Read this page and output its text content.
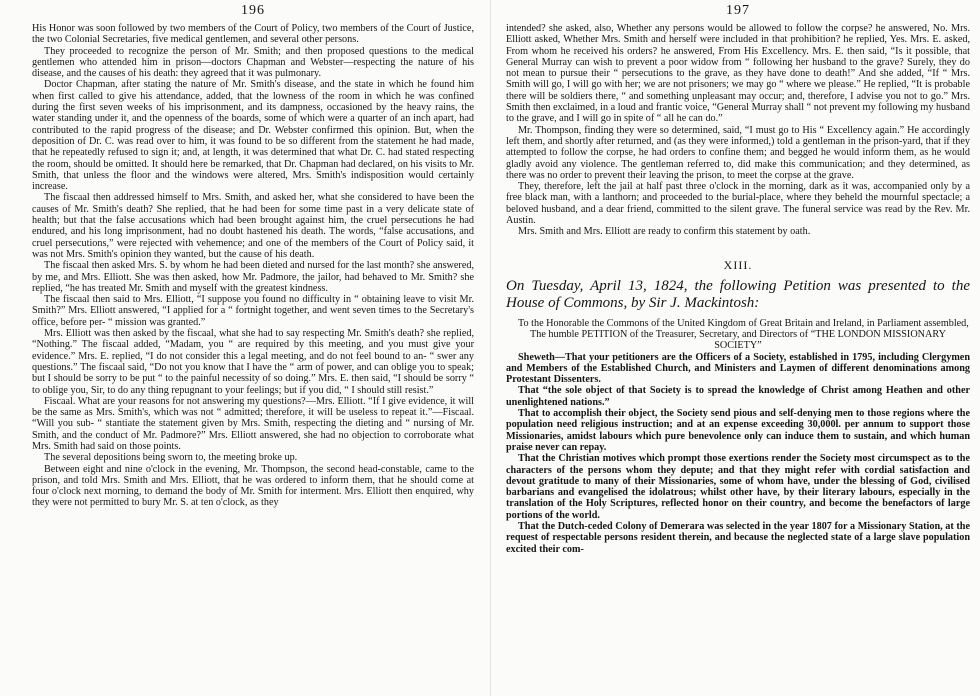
196

His Honor was soon followed by two members of the Court of Policy, two members of the Court of Justice, the two Colonial Secretaries, five medical gentlemen, and several other persons.

They proceeded to recognize the person of Mr. Smith; and then proposed questions to the medical gentlemen who attended him in prison—doctors Chapman and Webster—respecting the nature of his disease, and the causes of his death: they agreed that it was pulmonary.

Doctor Chapman, after stating the nature of Mr. Smith's disease, and the state in which he found him when first called to give his attendance, added, that the lowness of the room in which he was confined during the first seven weeks of his imprisonment, and its dampness, occasioned by the heavy rains, the water standing under it, and the openness of the boards, some of which were a quarter of an inch apart, had contributed to the rapid progress of the disease; and Dr. Webster confirmed this opinion. But, when the deposition of Dr. C. was read over to him, it was found to be so different from the statement he had made, that he repeatedly refused to sign it; and, at length, it was determined that what Dr. C. had stated respecting the room, should be omitted. It should here be remarked, that Dr. Chapman had declared, on his visits to Mr. Smith, that unless the floor and the windows were altered, Mrs. Smith's indisposition would certainly increase.

The fiscaal then addressed himself to Mrs. Smith, and asked her, what she considered to have been the causes of Mr. Smith's death? She replied, that he had been for some time past in a very delicate state of health; but that the false accusations which had been brought against him, the cruel persecutions he had endured, and his long imprisonment, had no doubt hastened his death. The words, “false accusations, and cruel persecutions,” were rejected with vehemence; and one of the members of the Court of Policy said, it was not Mrs. Smith's opinion they wanted, but the cause of his death.

The fiscaal then asked Mrs. S. by whom he had been dieted and nursed for the last month? she answered, by me, and Mrs. Elliott. She was then asked, how Mr. Padmore, the jailor, had behaved to Mr. Smith? she replied, “he has treated Mr. Smith and myself with the greatest kindness.

The fiscaal then said to Mrs. Elliott, “I suppose you found no difficulty in “ obtaining leave to visit Mr. Smith?” Mrs. Elliott answered, “I applied for a “ fortnight together, and went seven times to the Secretary's office, before per- “ mission was granted.”

Mrs. Elliott was then asked by the fiscaal, what she had to say respecting Mr. Smith's death? she replied, “Nothing.” The fiscaal added, “Madam, you “ are required by this meeting, and you must give your evidence.” Mrs. E. replied, “I do not consider this a legal meeting, and do not feel bound to an- “ swer any questions.” The fiscaal said, “Do not you know that I have the “ arm of power, and can oblige you to speak; but I should be sorry to be put “ to the painful necessity of so doing.” Mrs. E. then said, “I should be sorry “ to oblige you, Sir, to do any thing repugnant to your feelings; but if you did, “ I should still resist.”

Fiscaal. What are your reasons for not answering my questions?—Mrs. Elliott. “If I give evidence, it will be the same as Mrs. Smith's, which was not “ admitted; therefore, it will be useless to repeat it.”—Fiscaal. “Will you sub- “ stantiate the statement given by Mrs. Smith, respecting the dieting and “ nursing of Mr. Smith, and the conduct of Mr. Padmore?” Mrs. Elliott answered, she had no objection to corroborate what Mrs. Smith had said on those points.

The several depositions being sworn to, the meeting broke up.

Between eight and nine o'clock in the evening, Mr. Thompson, the second head-constable, came to the prison, and told Mrs. Smith and Mrs. Elliott, that he was ordered to inform them, that he should come at four o'clock next morning, to demand the body of Mr. Smith for interment. Mrs. Elliott then enquired, why they were not permitted to bury Mr. S. at ten o'clock, as they

197

intended? she asked, also, Whether any persons would be allowed to follow the corpse? he answered, No. Mrs. Elliott asked, Whether Mrs. Smith and herself were included in that prohibition? he replied, Yes. Mrs. E. asked, From whom he received his orders? he answered, From His Excellency. Mrs. E. then said, “Is it possible, that General Murray can wish to prevent a poor widow from “ following her husband to the grave? Surely, they do not mean to pursue their “ persecutions to the grave, as they have done to death!” And she added, “If “ Mrs. Smith will go, I will go with her; we are not prisoners; we may go “ where we please.” He replied, “It is probable there will be soldiers there, “ and something unpleasant may occur; and, therefore, I advise you not to go.” Mrs. Smith then exclaimed, in a loud and frantic voice, “General Murray shall “ not prevent my following my husband to the grave, and I will go in spite of “ all he can do.”

Mr. Thompson, finding they were so determined, said, “I must go to His “ Excellency again.” He accordingly left them, and shortly after returned, and (as they were informed,) told a gentleman in the prison-yard, that if they attempted to follow the corpse, he had orders to confine them; and begged he would inform them, as he would gladly avoid any violence. The gentleman referred to, did make this communication; and they determined, as there was no order to prevent their leaving the prison, to meet the corpse at the grave.

They, therefore, left the jail at half past three o'clock in the morning, dark as it was, accompanied only by a free black man, with a lanthorn; and proceeded to the burial-place, where they beheld the mournful spectacle; a beloved husband, and a dear friend, committed to the silent grave. The funeral service was read by the Rev. Mr. Austin.

Mrs. Smith and Mrs. Elliott are ready to confirm this statement by oath.

XIII.
On Tuesday, April 13, 1824, the following Petition was presented to the House of Commons, by Sir J. Mackintosh:

To the Honorable the Commons of the United Kingdom of Great Britain and Ireland, in Parliament assembled,

The humble PETITION of the Treasurer, Secretary, and Directors of “THE LONDON MISSIONARY SOCIETY”

Sheweth—That your petitioners are the Officers of a Society, established in 1795, including Clergymen and Members of the Established Church, and Ministers and Laymen of different denominations among Protestant Dissenters.

That “the sole object of that Society is to spread the knowledge of Christ among Heathen and other unenlightened nations.”

That to accomplish their object, the Society send pious and self-denying men to those regions where the population need religious instruction; and at an expense exceeding 30,000l. per annum to support those Missionaries, amidst labours which pure benevolence only can induce them to sustain, and which human praise never can repay.

That the Christian motives which prompt those exertions render the Society most circumspect as to the characters of the persons whom they depute; and that they might refer with cordial satisfaction and devout gratitude to many of their Missionaries, some of whom have, under the blessing of God, civilised barbarians and evangelised the idolatrous; whilst other have, by their literary labours, especially in the translation of the Holy Scriptures, reflected honor on their country, and become the benefactors of large portions of the world.

That the Dutch-ceded Colony of Demerara was selected in the year 1807 for a Missionary Station, at the request of respectable persons resident therein, and because the neglected state of a large slave population excited their com-
